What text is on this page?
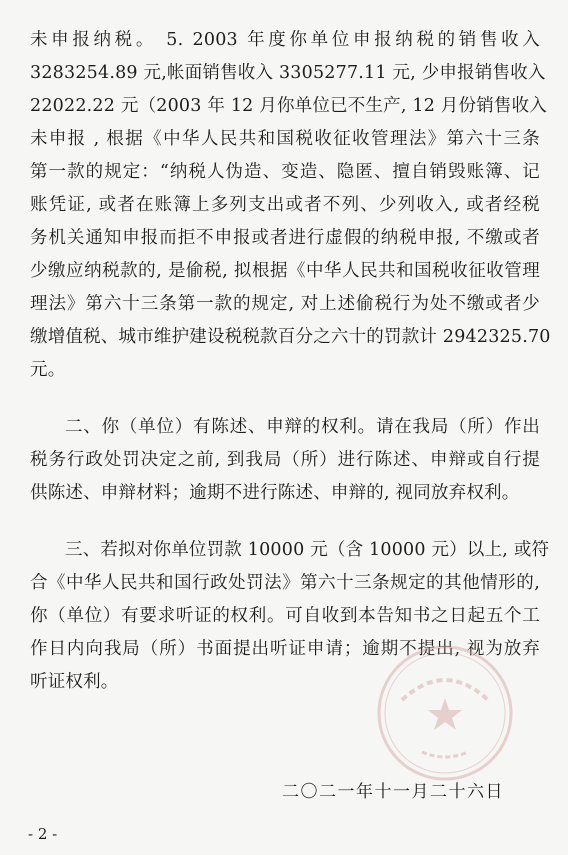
未申报纳税。 5. 2003 年度你单位申报纳税的销售收入
3283254.89 元,帐面销售收入 3305277.11 元, 少申报销售收入
22022.22 元（2003 年 12 月你单位已不生产, 12 月份销售收入
未申报 , 根据《中华人民共和国税收征收管理法》第六十三条
第一款的规定：“纳税人伪造、变造、隐匿、擅自销毁账簿、记
账凭证, 或者在账簿上多列支出或者不列、少列收入, 或者经税
务机关通知申报而拒不申报或者进行虚假的纳税申报, 不缴或者
少缴应纳税款的, 是偷税, 拟根据《中华人民共和国税收征收管理
理法》第六十三条第一款的规定, 对上述偷税行为处不缴或者少
缴增值税、城市维护建设税税款百分之六十的罚款计 2942325.70
元。
二、你（单位）有陈述、申辩的权利。请在我局（所）作出
税务行政处罚决定之前, 到我局（所）进行陈述、申辩或自行提
供陈述、申辩材料；逾期不进行陈述、申辩的, 视同放弃权利。
三、若拟对你单位罚款 10000 元（含 10000 元）以上, 或符
合《中华人民共和国行政处罚法》第六十三条规定的其他情形的,
你（单位）有要求听证的权利。可自收到本告知书之日起五个工
作日内向我局（所）书面提出听证申请；逾期不提出, 视为放弃
听证权利。
二〇二一年十一月二十六日
- 2 -
